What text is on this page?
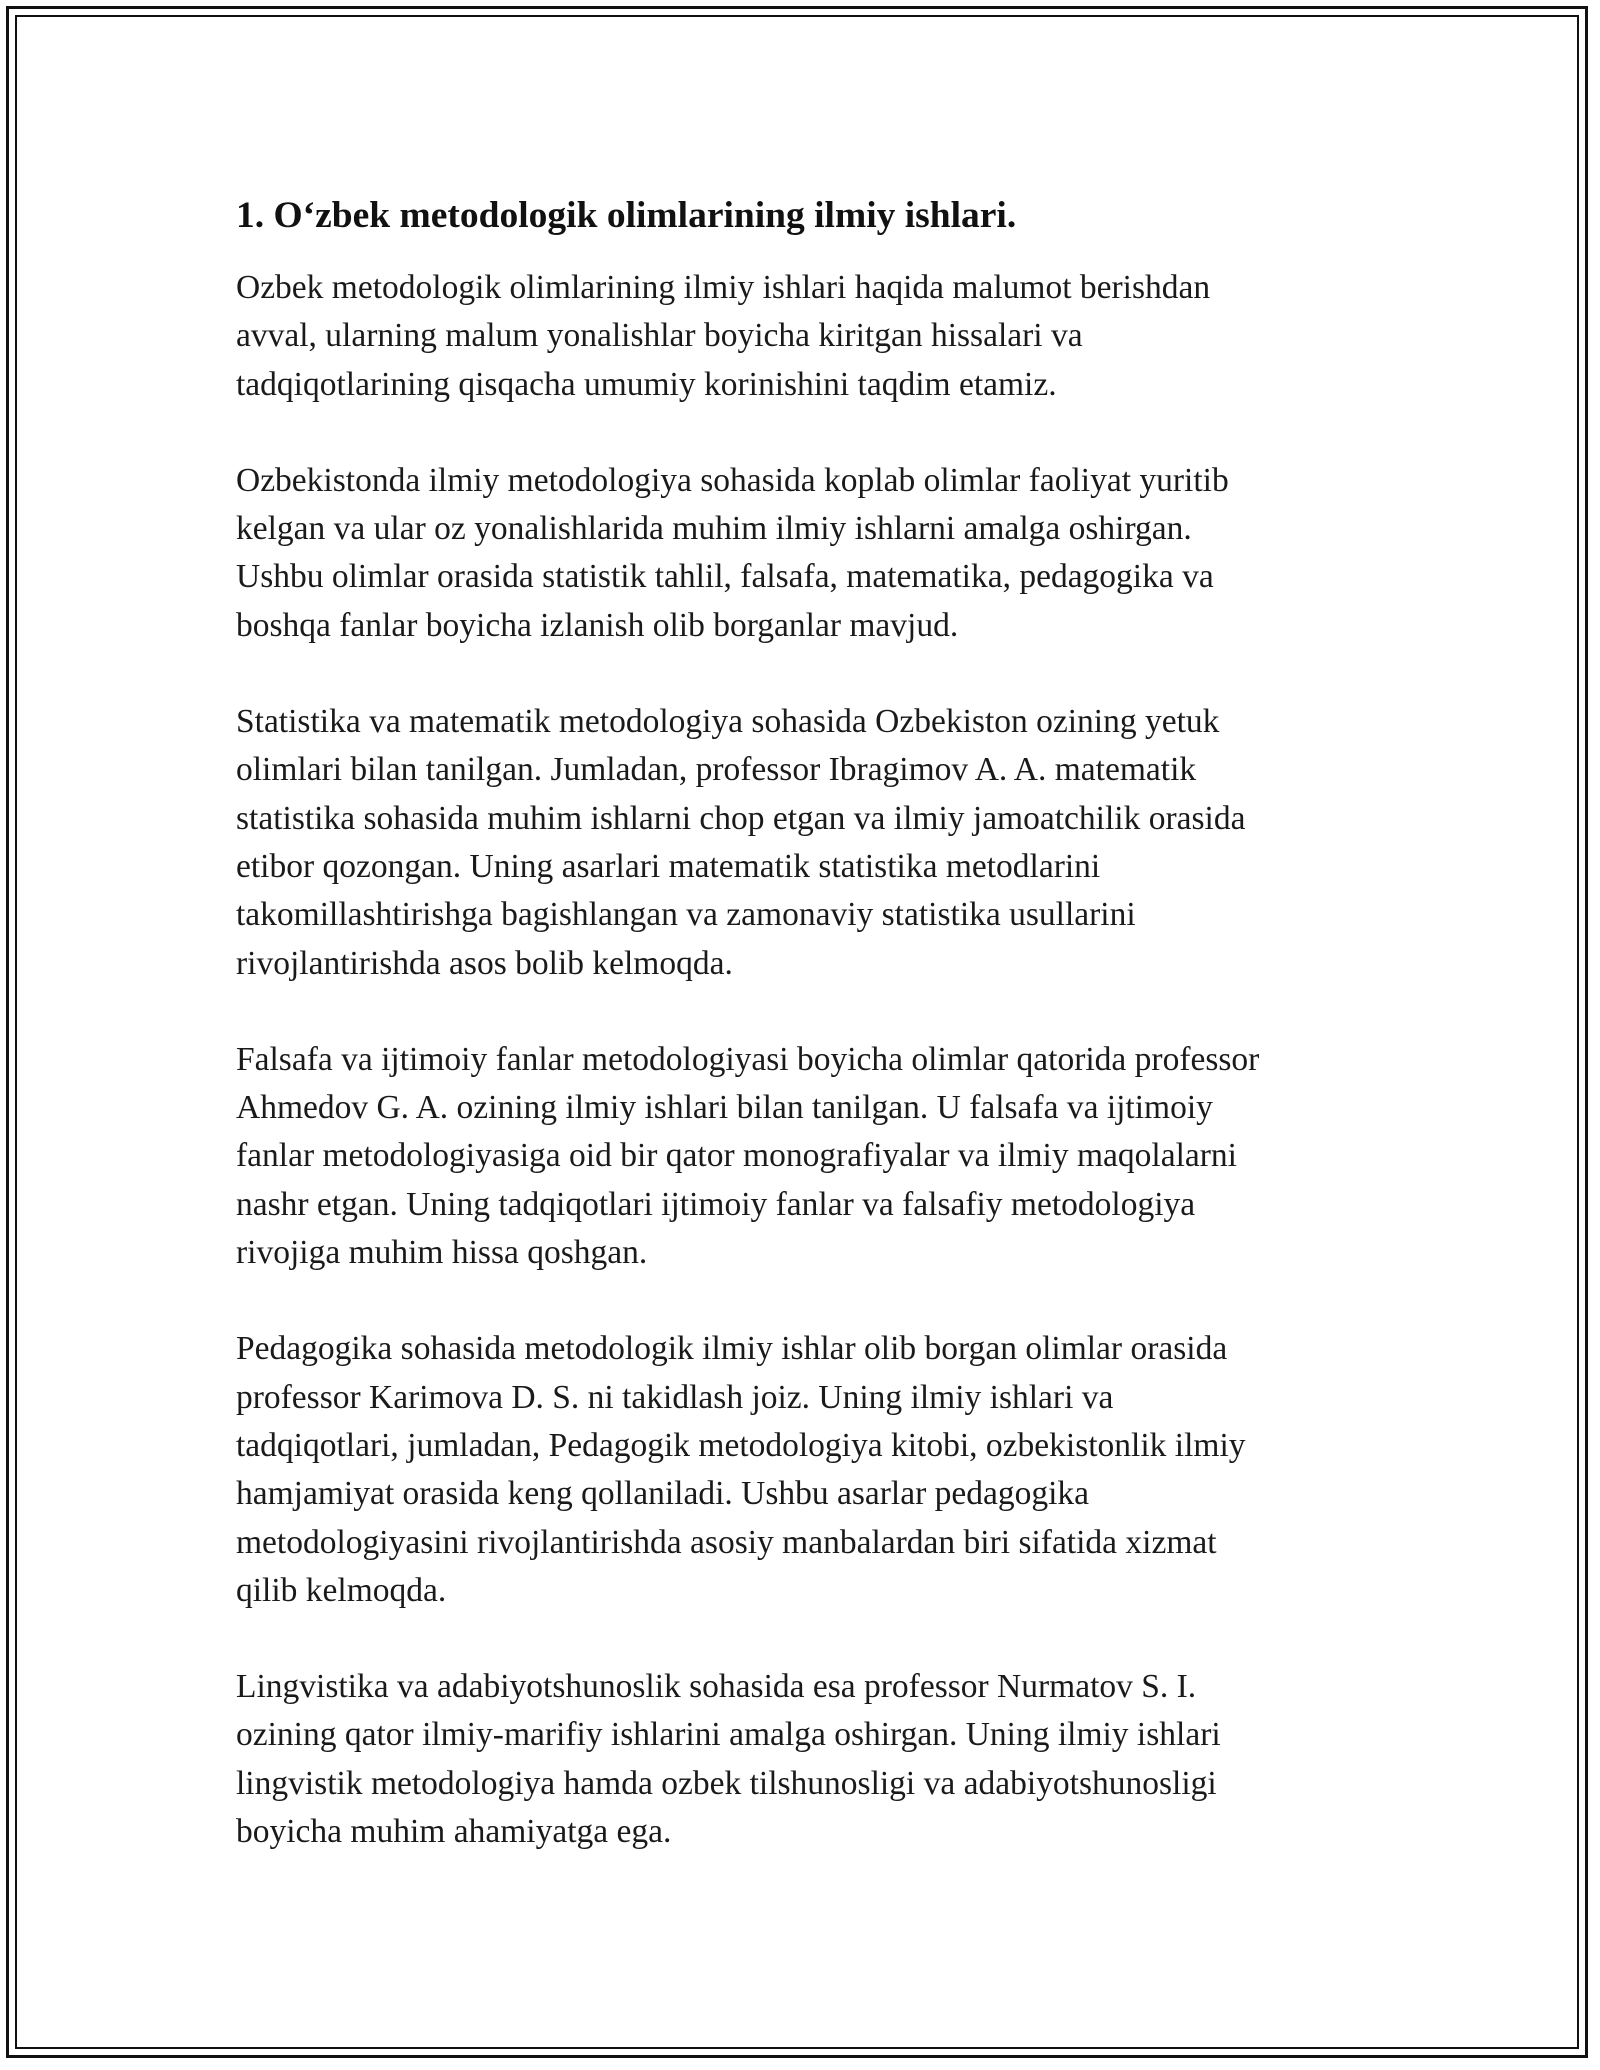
1. O‘zbek metodologik olimlarining ilmiy ishlari.

Ozbek metodologik olimlarining ilmiy ishlari haqida malumot berishdan
avval, ularning malum yonalishlar boyicha kiritgan hissalari va
tadqiqotlarining qisqacha umumiy korinishini taqdim etamiz.

Ozbekistonda ilmiy metodologiya sohasida koplab olimlar faoliyat yuritib
kelgan va ular oz yonalishlarida muhim ilmiy ishlarni amalga oshirgan.
Ushbu olimlar orasida statistik tahlil, falsafa, matematika, pedagogika va
boshqa fanlar boyicha izlanish olib borganlar mavjud.

Statistika va matematik metodologiya sohasida Ozbekiston ozining yetuk
olimlari bilan tanilgan. Jumladan, professor Ibragimov A. A. matematik
statistika sohasida muhim ishlarni chop etgan va ilmiy jamoatchilik orasida
etibor qozongan. Uning asarlari matematik statistika metodlarini
takomillashtirishga bagishlangan va zamonaviy statistika usullarini
rivojlantirishda asos bolib kelmoqda.

Falsafa va ijtimoiy fanlar metodologiyasi boyicha olimlar qatorida professor
Ahmedov G. A. ozining ilmiy ishlari bilan tanilgan. U falsafa va ijtimoiy
fanlar metodologiyasiga oid bir qator monografiyalar va ilmiy maqolalarni
nashr etgan. Uning tadqiqotlari ijtimoiy fanlar va falsafiy metodologiya
rivojiga muhim hissa qoshgan.

Pedagogika sohasida metodologik ilmiy ishlar olib borgan olimlar orasida
professor Karimova D. S. ni takidlash joiz. Uning ilmiy ishlari va
tadqiqotlari, jumladan, Pedagogik metodologiya kitobi, ozbekistonlik ilmiy
hamjamiyat orasida keng qollaniladi. Ushbu asarlar pedagogika
metodologiyasini rivojlantirishda asosiy manbalardan biri sifatida xizmat
qilib kelmoqda.

Lingvistika va adabiyotshunoslik sohasida esa professor Nurmatov S. I.
ozining qator ilmiy-marifiy ishlarini amalga oshirgan. Uning ilmiy ishlari
lingvistik metodologiya hamda ozbek tilshunosligi va adabiyotshunosligi
boyicha muhim ahamiyatga ega.
